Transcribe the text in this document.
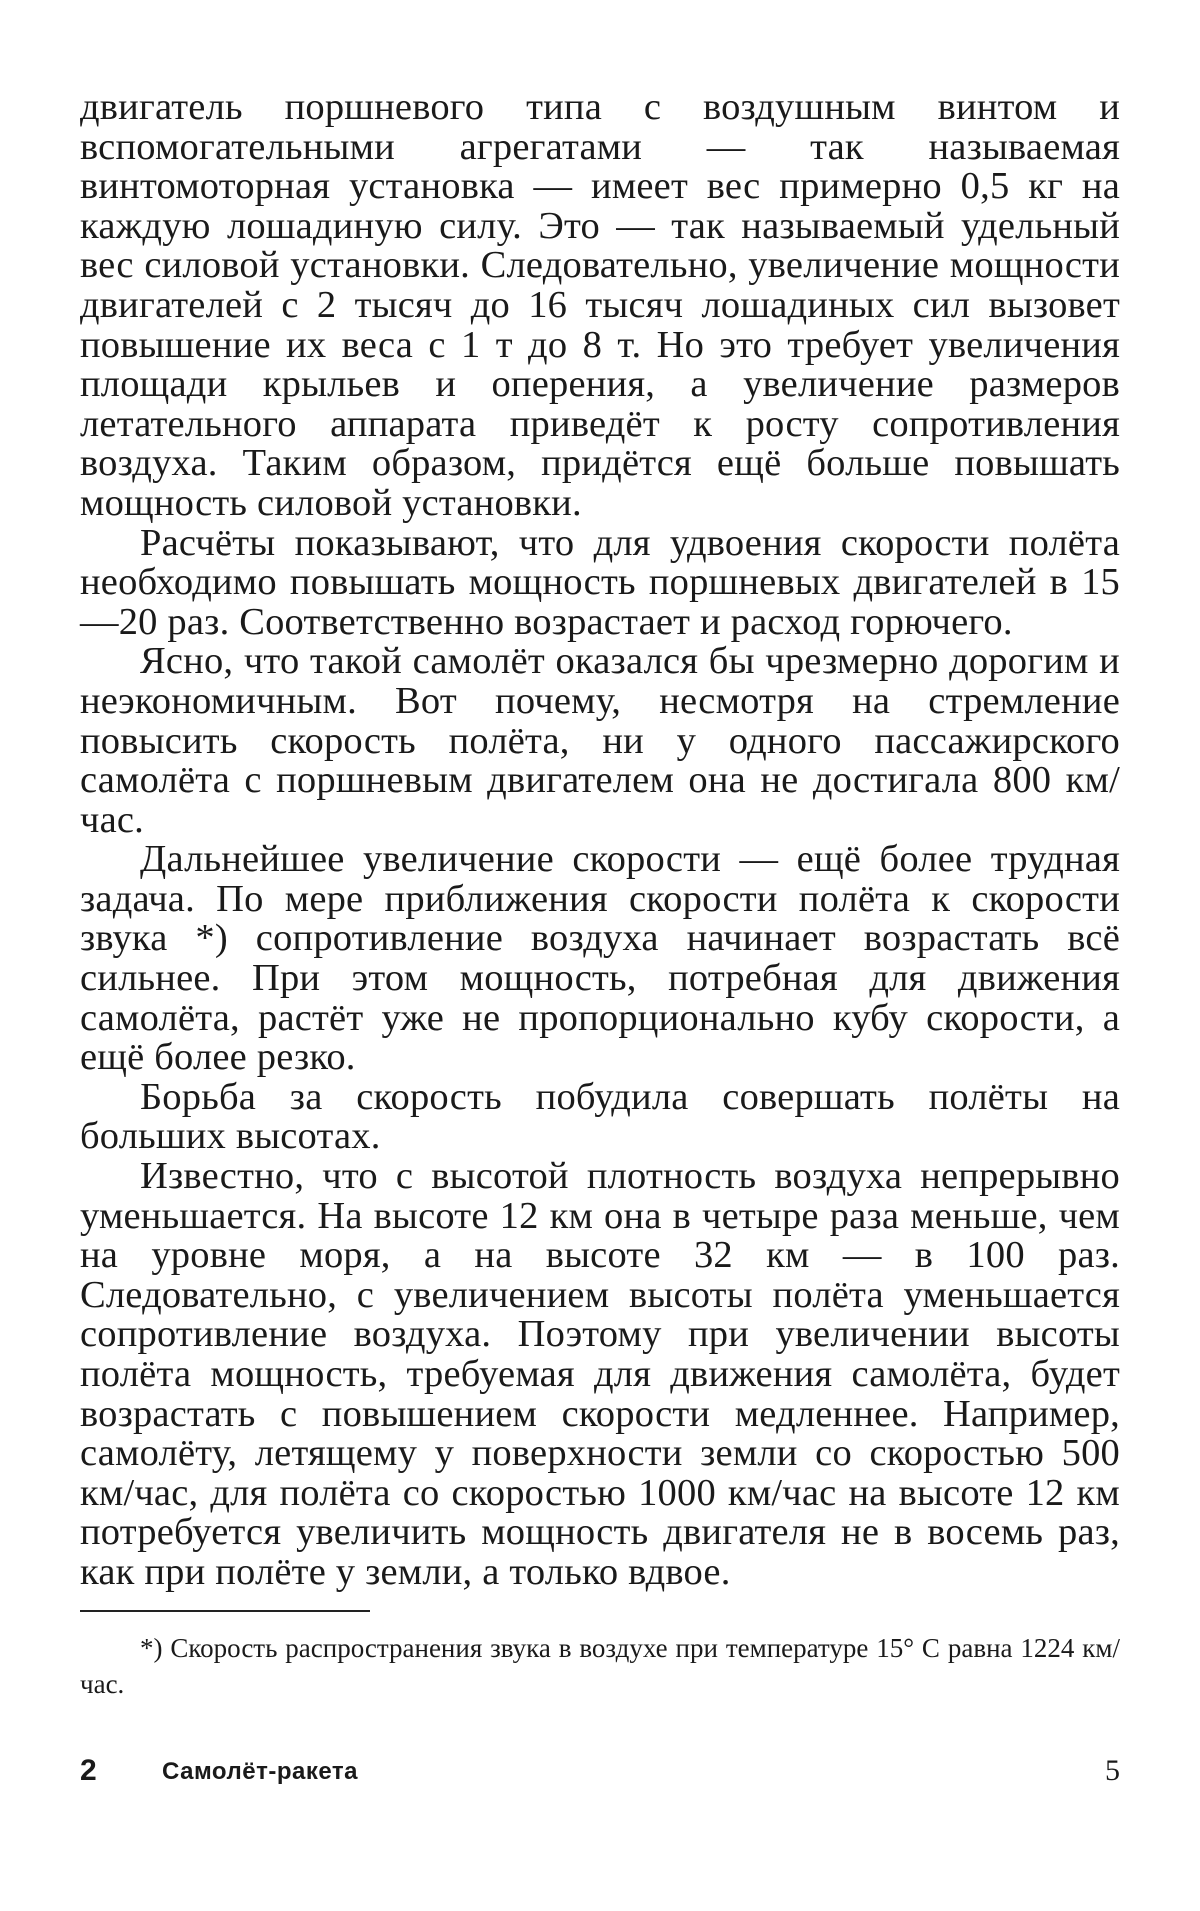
двигатель поршневого типа с воздушным винтом и вспомогательными агрегатами — так называемая винтомоторная установка — имеет вес примерно 0,5 кг на каждую лошадиную силу. Это — так называемый удельный вес силовой установки. Следовательно, увеличение мощности двигателей с 2 тысяч до 16 тысяч лошадиных сил вызовет повышение их веса с 1 т до 8 т. Но это требует увеличения площади крыльев и оперения, а увеличение размеров летательного аппарата приведёт к росту сопротивления воздуха. Таким образом, придётся ещё больше повышать мощность силовой установки.

Расчёты показывают, что для удвоения скорости полёта необходимо повышать мощность поршневых двигателей в 15—20 раз. Соответственно возрастает и расход горючего.

Ясно, что такой самолёт оказался бы чрезмерно дорогим и неэкономичным. Вот почему, несмотря на стремление повысить скорость полёта, ни у одного пассажирского самолёта с поршневым двигателем она не достигала 800 км/час.

Дальнейшее увеличение скорости — ещё более трудная задача. По мере приближения скорости полёта к скорости звука *) сопротивление воздуха начинает возрастать всё сильнее. При этом мощность, потребная для движения самолёта, растёт уже не пропорционально кубу скорости, а ещё более резко.

Борьба за скорость побудила совершать полёты на больших высотах.

Известно, что с высотой плотность воздуха непрерывно уменьшается. На высоте 12 км она в четыре раза меньше, чем на уровне моря, а на высоте 32 км — в 100 раз. Следовательно, с увеличением высоты полёта уменьшается сопротивление воздуха. Поэтому при увеличении высоты полёта мощность, требуемая для движения самолёта, будет возрастать с повышением скорости медленнее. Например, самолёту, летящему у поверхности земли со скоростью 500 км/час, для полёта со скоростью 1000 км/час на высоте 12 км потребуется увеличить мощность двигателя не в восемь раз, как при полёте у земли, а только вдвое.

*) Скорость распространения звука в воздухе при температуре 15° С равна 1224 км/час.

2	Самолёт-ракета	5
